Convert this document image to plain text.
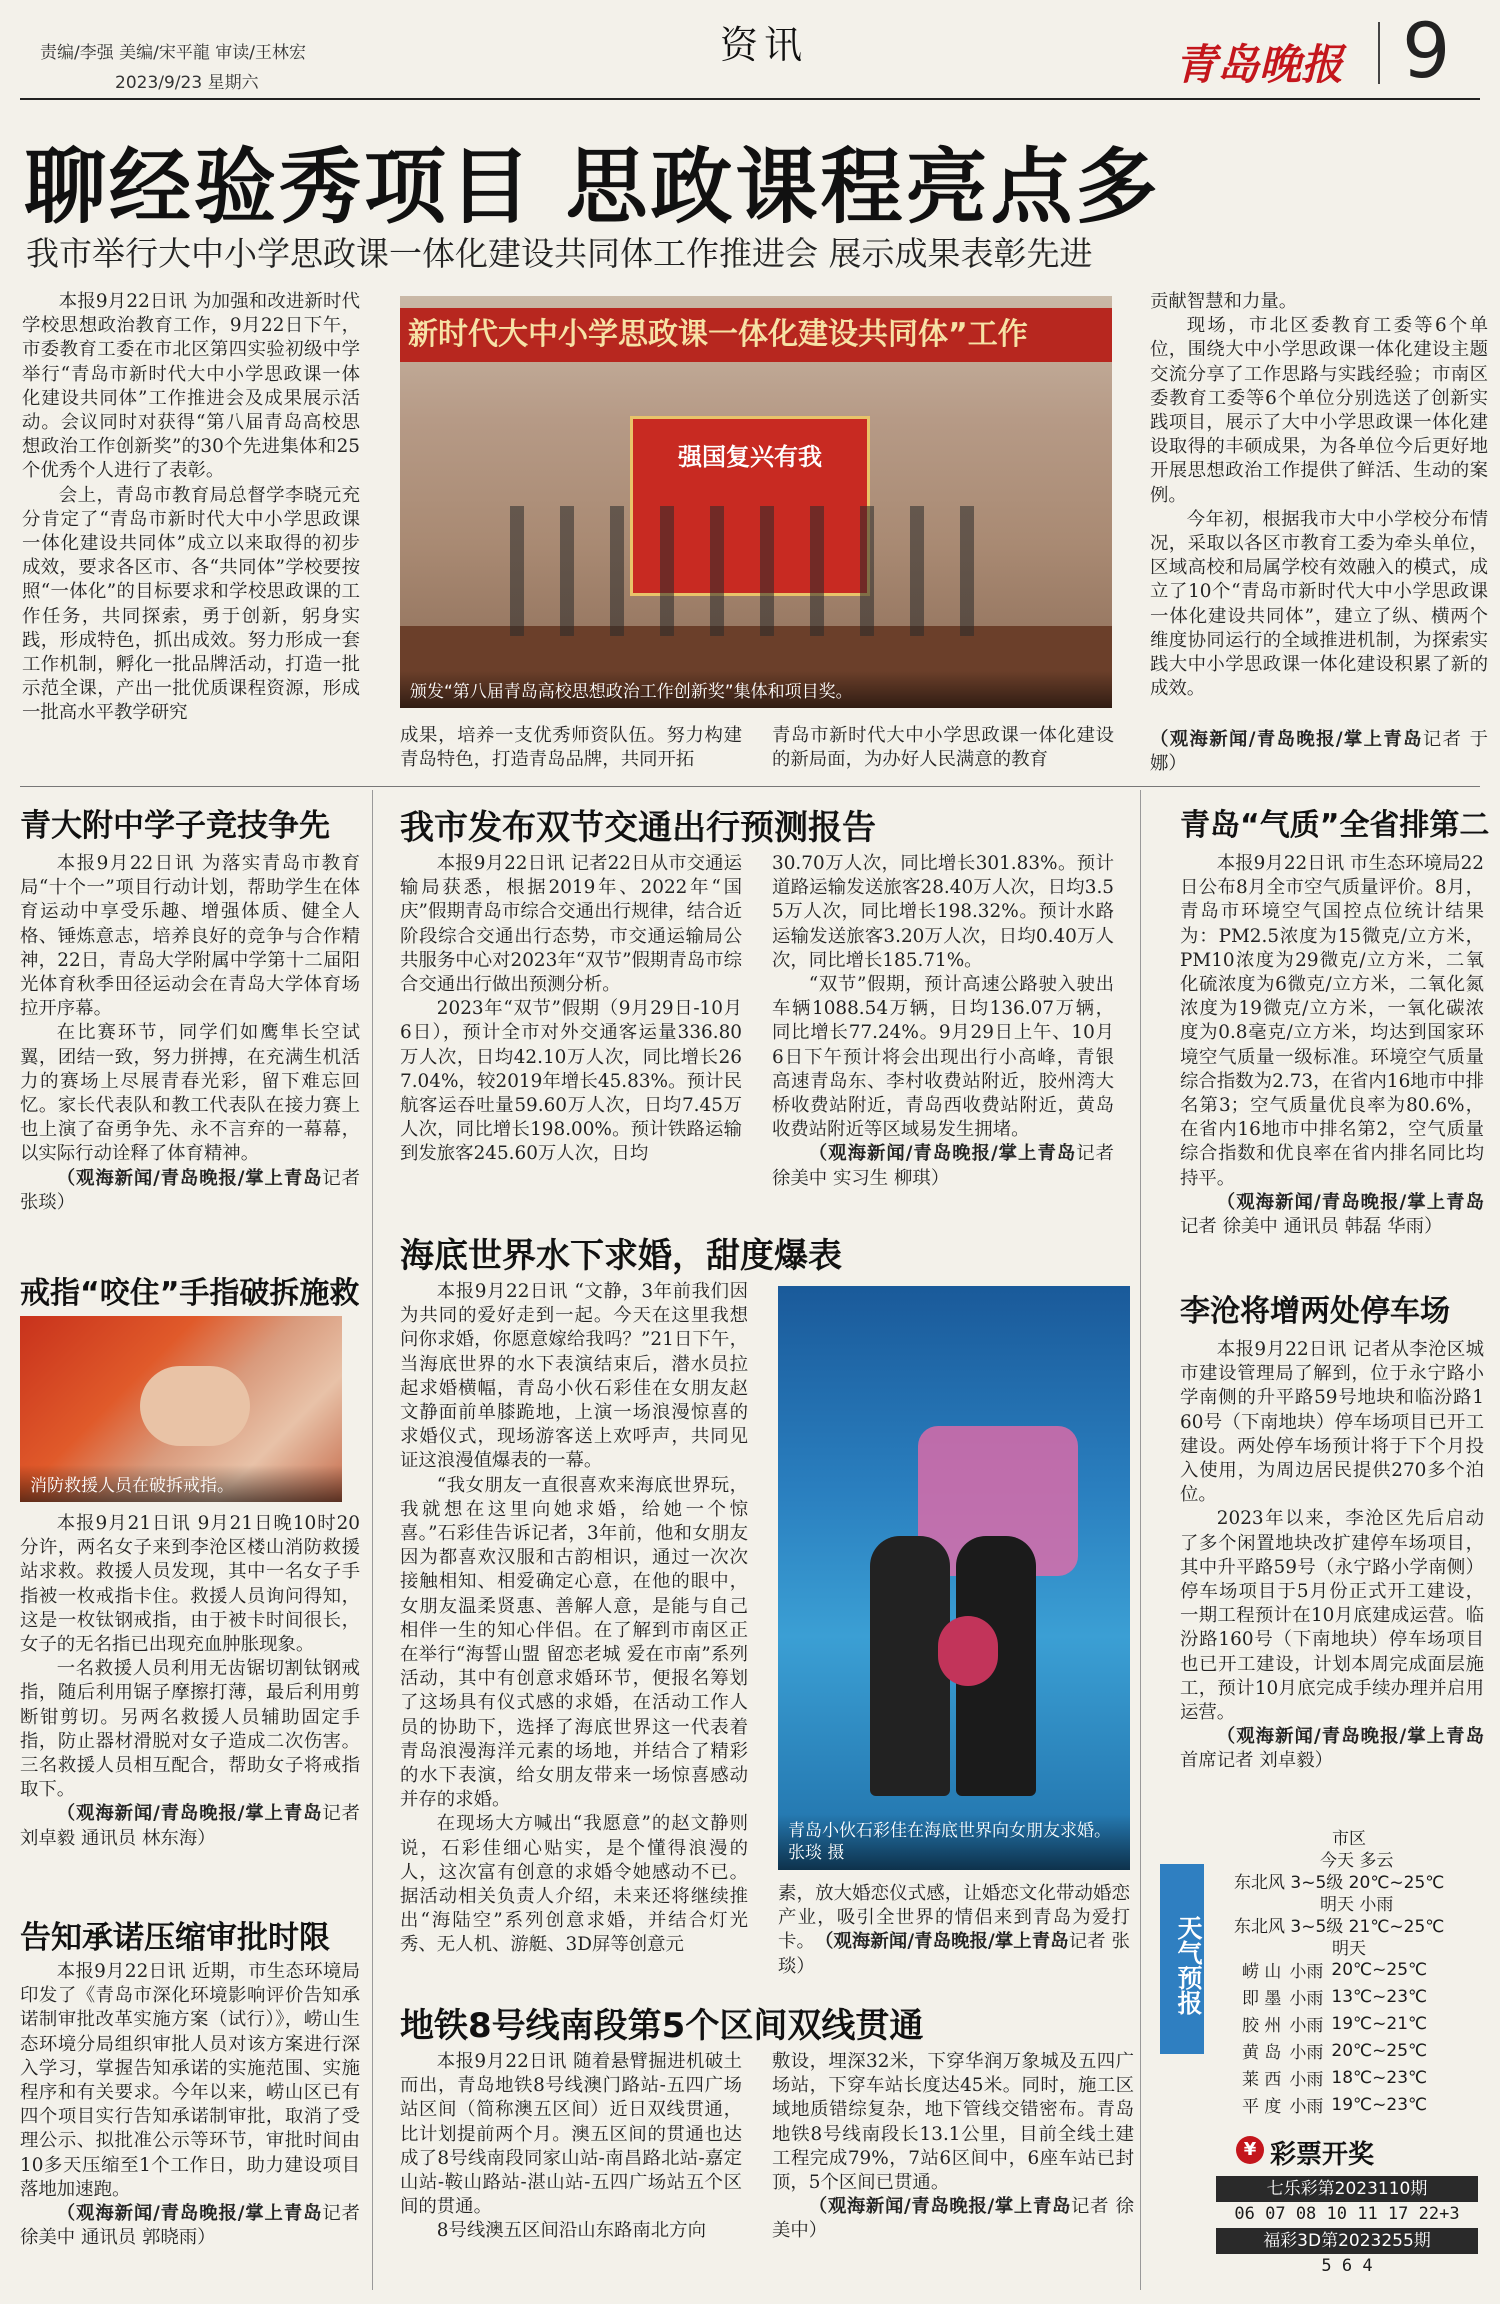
责编/李强 美编/宋平龍 审读/王林宏
2023/9/23 星期六
资讯	青岛晚报 9
聊经验秀项目 思政课程亮点多
我市举行大中小学思政课一体化建设共同体工作推进会 展示成果表彰先进

本报9月22日讯 为加强和改进新时代学校思想政治教育工作，9月22日下午，市委教育工委在市北区第四实验初级中学举行“青岛市新时代大中小学思政课一体化建设共同体”工作推进会及成果展示活动。会议同时对获得“第八届青岛高校思想政治工作创新奖”的30个先进集体和25个优秀个人进行了表彰。

会上，青岛市教育局总督学李晓元充分肯定了“青岛市新时代大中小学思政课一体化建设共同体”成立以来取得的初步成效，要求各区市、各“共同体”学校要按照“一体化”的目标要求和学校思政课的工作任务，共同探索，勇于创新，躬身实践，形成特色，抓出成效。努力形成一套工作机制，孵化一批品牌活动，打造一批示范全课，产出一批优质课程资源，形成一批高水平教学研究

新时代大中小学思政课一体化建设共同体”工作
强国复兴有我
颁发“第八届青岛高校思想政治工作创新奖”集体和项目奖。
成果，培养一支优秀师资队伍。努力构建青岛特色，打造青岛品牌，共同开拓
青岛市新时代大中小学思政课一体化建设的新局面，为办好人民满意的教育
贡献智慧和力量。

现场，市北区委教育工委等6个单位，围绕大中小学思政课一体化建设主题交流分享了工作思路与实践经验；市南区委教育工委等6个单位分别选送了创新实践项目，展示了大中小学思政课一体化建设取得的丰硕成果，为各单位今后更好地开展思想政治工作提供了鲜活、生动的案例。

今年初，根据我市大中小学校分布情况，采取以各区市教育工委为牵头单位，区域高校和局属学校有效融入的模式，成立了10个“青岛市新时代大中小学思政课一体化建设共同体”，建立了纵、横两个维度协同运行的全域推进机制，为探索实践大中小学思政课一体化建设积累了新的成效。

（观海新闻/青岛晚报/掌上青岛记者 于娜）
青大附中学子竞技争先

本报9月22日讯 为落实青岛市教育局“十个一”项目行动计划，帮助学生在体育运动中享受乐趣、增强体质、健全人格、锤炼意志，培养良好的竞争与合作精神，22日，青岛大学附属中学第十二届阳光体育秋季田径运动会在青岛大学体育场拉开序幕。

在比赛环节，同学们如鹰隼长空试翼，团结一致，努力拼搏，在充满生机活力的赛场上尽展青春光彩，留下难忘回忆。家长代表队和教工代表队在接力赛上也上演了奋勇争先、永不言弃的一幕幕，以实际行动诠释了体育精神。

（观海新闻/青岛晚报/掌上青岛记者 张琰）

戒指“咬住”手指破拆施救
消防救援人员在破拆戒指。

本报9月21日讯 9月21日晚10时20分许，两名女子来到李沧区楼山消防救援站求救。救援人员发现，其中一名女子手指被一枚戒指卡住。救援人员询问得知，这是一枚钛钢戒指，由于被卡时间很长，女子的无名指已出现充血肿胀现象。

一名救援人员利用无齿锯切割钛钢戒指，随后利用锯子摩擦打薄，最后利用剪断钳剪切。另两名救援人员辅助固定手指，防止器材滑脱对女子造成二次伤害。三名救援人员相互配合，帮助女子将戒指取下。

（观海新闻/青岛晚报/掌上青岛记者 刘卓毅 通讯员 林东海）

告知承诺压缩审批时限

本报9月22日讯 近期，市生态环境局印发了《青岛市深化环境影响评价告知承诺制审批改革实施方案（试行）》，崂山生态环境分局组织审批人员对该方案进行深入学习，掌握告知承诺的实施范围、实施程序和有关要求。今年以来，崂山区已有四个项目实行告知承诺制审批，取消了受理公示、拟批准公示等环节，审批时间由10多天压缩至1个工作日，助力建设项目落地加速跑。

（观海新闻/青岛晚报/掌上青岛记者 徐美中 通讯员 郭晓雨）

我市发布双节交通出行预测报告

本报9月22日讯 记者22日从市交通运输局获悉，根据2019年、2022年“国庆”假期青岛市综合交通出行规律，结合近阶段综合交通出行态势，市交通运输局公共服务中心对2023年“双节”假期青岛市综合交通出行做出预测分析。

2023年“双节”假期（9月29日-10月6日），预计全市对外交通客运量336.80万人次，日均42.10万人次，同比增长267.04%，较2019年增长45.83%。预计民航客运吞吐量59.60万人次，日均7.45万人次，同比增长198.00%。预计铁路运输到发旅客245.60万人次，日均

30.70万人次，同比增长301.83%。预计道路运输发送旅客28.40万人次，日均3.55万人次，同比增长198.32%。预计水路运输发送旅客3.20万人次，日均0.40万人次，同比增长185.71%。

“双节”假期，预计高速公路驶入驶出车辆1088.54万辆，日均136.07万辆，同比增长77.24%。9月29日上午、10月6日下午预计将会出现出行小高峰，青银高速青岛东、李村收费站附近，胶州湾大桥收费站附近，青岛西收费站附近，黄岛收费站附近等区域易发生拥堵。

（观海新闻/青岛晚报/掌上青岛记者 徐美中 实习生 柳琪）

海底世界水下求婚，甜度爆表

本报9月22日讯 “文静，3年前我们因为共同的爱好走到一起。今天在这里我想问你求婚，你愿意嫁给我吗？”21日下午，当海底世界的水下表演结束后，潜水员拉起求婚横幅，青岛小伙石彩佳在女朋友赵文静面前单膝跪地，上演一场浪漫惊喜的求婚仪式，现场游客送上欢呼声，共同见证这浪漫值爆表的一幕。

“我女朋友一直很喜欢来海底世界玩，我就想在这里向她求婚，给她一个惊喜。”石彩佳告诉记者，3年前，他和女朋友因为都喜欢汉服和古韵相识，通过一次次接触相知、相爱确定心意，在他的眼中，女朋友温柔贤惠、善解人意，是能与自己相伴一生的知心伴侣。在了解到市南区正在举行“海誓山盟 留恋老城 爱在市南”系列活动，其中有创意求婚环节，便报名筹划了这场具有仪式感的求婚，在活动工作人员的协助下，选择了海底世界这一代表着青岛浪漫海洋元素的场地，并结合了精彩的水下表演，给女朋友带来一场惊喜感动并存的求婚。

在现场大方喊出“我愿意”的赵文静则说，石彩佳细心贴实，是个懂得浪漫的人，这次富有创意的求婚令她感动不已。据活动相关负责人介绍，未来还将继续推出“海陆空”系列创意求婚，并结合灯光秀、无人机、游艇、3D屏等创意元

青岛小伙石彩佳在海底世界向女朋友求婚。张琰 摄
素，放大婚恋仪式感，让婚恋文化带动婚恋产业，吸引全世界的情侣来到青岛为爱打卡。（观海新闻/青岛晚报/掌上青岛记者 张琰）
地铁8号线南段第5个区间双线贯通

本报9月22日讯 随着悬臂掘进机破土而出，青岛地铁8号线澳门路站-五四广场站区间（简称澳五区间）近日双线贯通，比计划提前两个月。澳五区间的贯通也达成了8号线南段同家山站-南昌路北站-嘉定山站-鞍山路站-湛山站-五四广场站五个区间的贯通。

8号线澳五区间沿山东路南北方向

敷设，埋深32米，下穿华润万象城及五四广场站，下穿车站长度达45米。同时，施工区域地质错综复杂，地下管线交错密布。青岛地铁8号线南段长13.1公里，目前全线土建工程完成79%，7站6区间中，6座车站已封顶，5个区间已贯通。

（观海新闻/青岛晚报/掌上青岛记者 徐美中）

青岛“气质”全省排第二

本报9月22日讯 市生态环境局22日公布8月全市空气质量评价。8月，青岛市环境空气国控点位统计结果为：PM2.5浓度为15微克/立方米，PM10浓度为29微克/立方米，二氧化硫浓度为6微克/立方米，二氧化氮浓度为19微克/立方米，一氧化碳浓度为0.8毫克/立方米，均达到国家环境空气质量一级标准。环境空气质量综合指数为2.73，在省内16地市中排名第3；空气质量优良率为80.6%，在省内16地市中排名第2，空气质量综合指数和优良率在省内排名同比均持平。

（观海新闻/青岛晚报/掌上青岛记者 徐美中 通讯员 韩磊 华雨）

李沧将增两处停车场

本报9月22日讯 记者从李沧区城市建设管理局了解到，位于永宁路小学南侧的升平路59号地块和临汾路160号（下南地块）停车场项目已开工建设。两处停车场预计将于下个月投入使用，为周边居民提供270多个泊位。

2023年以来，李沧区先后启动了多个闲置地块改扩建停车场项目，其中升平路59号（永宁路小学南侧）停车场项目于5月份正式开工建设，一期工程预计在10月底建成运营。临汾路160号（下南地块）停车场项目也已开工建设，计划本周完成面层施工，预计10月底完成手续办理并启用运营。

（观海新闻/青岛晚报/掌上青岛首席记者 刘卓毅）

天气预报
市区
今天 多云
东北风 3~5级 20℃~25℃
明天 小雨
东北风 3~5级 21℃~25℃
明天
崂 山	小雨	20℃~25℃
即 墨	小雨	13℃~23℃
胶 州	小雨	19℃~21℃
黄 岛	小雨	20℃~25℃
莱 西	小雨	18℃~23℃
平 度	小雨	19℃~23℃
¥ 彩票开奖
七乐彩第2023110期
06 07 08 10 11 17 22+3
福彩3D第2023255期
5 6 4
